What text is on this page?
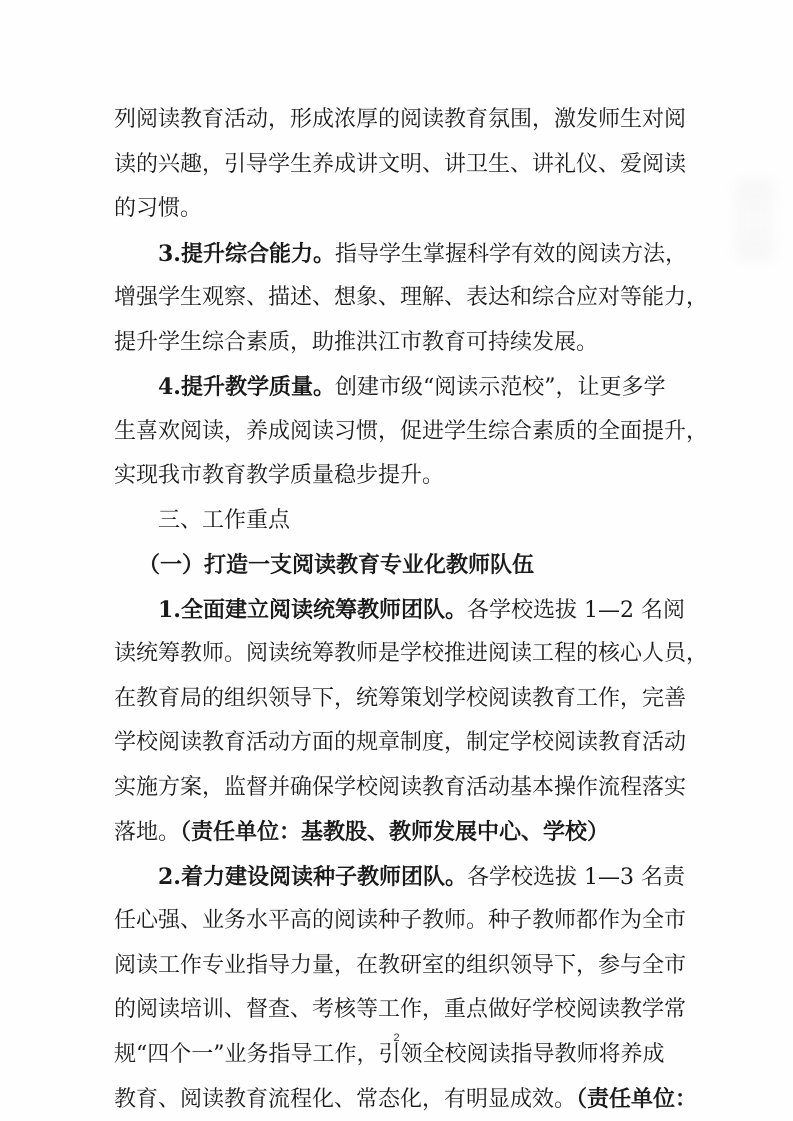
列阅读教育活动，形成浓厚的阅读教育氛围，激发师生对阅
读的兴趣，引导学生养成讲文明、讲卫生、讲礼仪、爱阅读
的习惯。
3.提升综合能力。指导学生掌握科学有效的阅读方法，
增强学生观察、描述、想象、理解、表达和综合应对等能力，
提升学生综合素质，助推洪江市教育可持续发展。
4.提升教学质量。创建市级“阅读示范校”，让更多学
生喜欢阅读，养成阅读习惯，促进学生综合素质的全面提升，
实现我市教育教学质量稳步提升。
三、工作重点
（一）打造一支阅读教育专业化教师队伍
1.全面建立阅读统筹教师团队。各学校选拔 1—2 名阅
读统筹教师。阅读统筹教师是学校推进阅读工程的核心人员，
在教育局的组织领导下，统筹策划学校阅读教育工作，完善
学校阅读教育活动方面的规章制度，制定学校阅读教育活动
实施方案，监督并确保学校阅读教育活动基本操作流程落实
落地。（责任单位：基教股、教师发展中心、学校）
2.着力建设阅读种子教师团队。各学校选拔 1—3 名责
任心强、业务水平高的阅读种子教师。种子教师都作为全市
阅读工作专业指导力量，在教研室的组织领导下，参与全市
的阅读培训、督查、考核等工作，重点做好学校阅读教学常
规“四个一”业务指导工作，引领全校阅读指导教师将养成
教育、阅读教育流程化、常态化，有明显成效。（责任单位：
2
